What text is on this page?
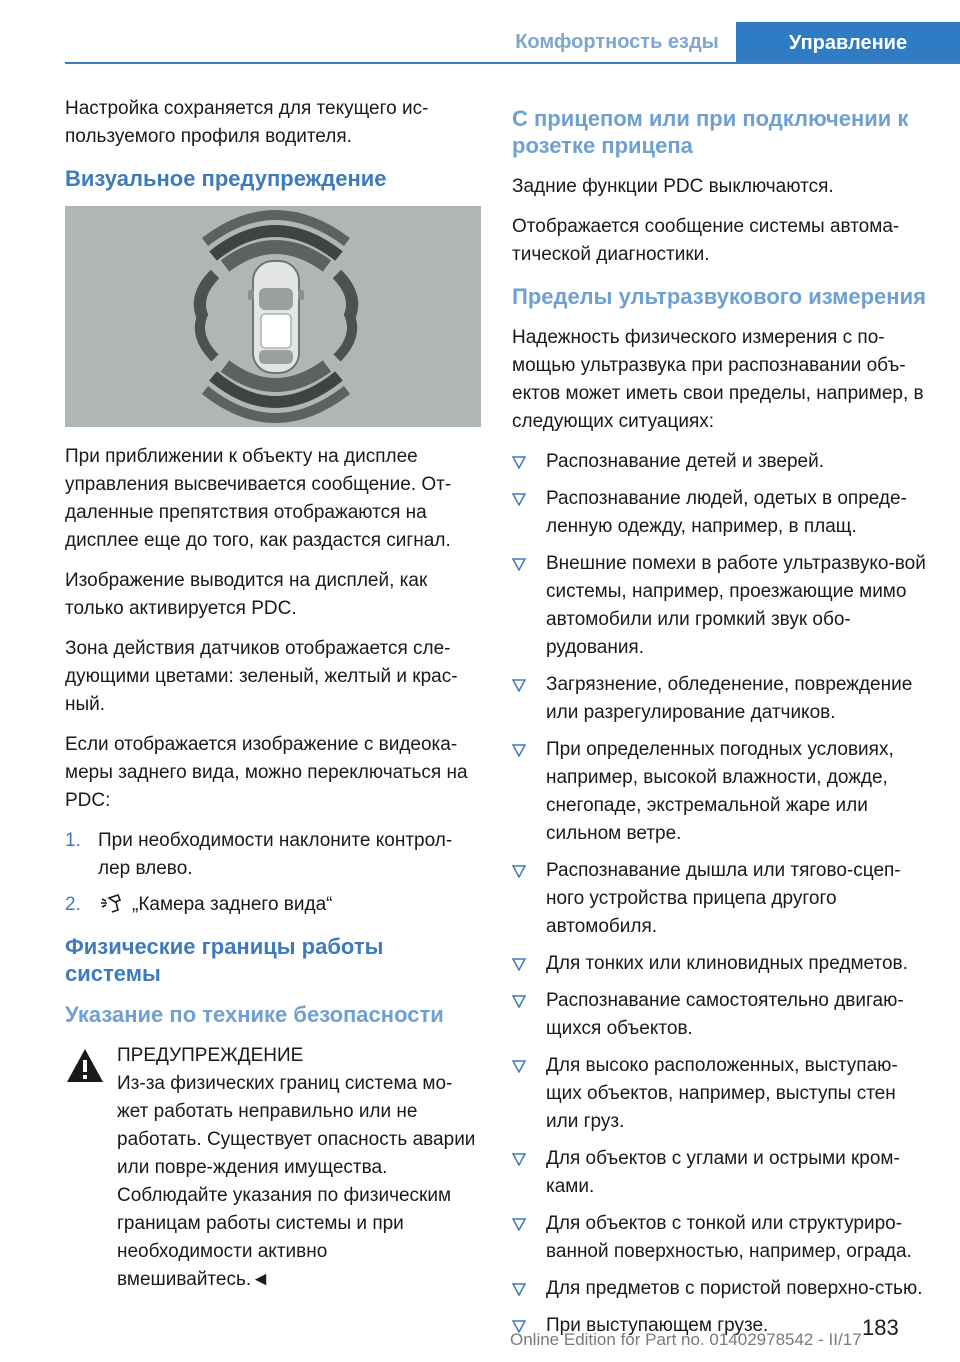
Комфортность езды	Управление

Настройка сохраняется для текущего ис-пользуемого профиля водителя.

Визуальное предупреждение

При приближении к объекту на дисплее управления высвечивается сообщение. От-даленные препятствия отображаются на дисплее еще до того, как раздастся сигнал.

Изображение выводится на дисплей, как только активируется PDC.

Зона действия датчиков отображается сле-дующими цветами: зеленый, желтый и крас-ный.

Если отображается изображение с видеока-меры заднего вида, можно переключаться на PDC:

1. При необходимости наклоните контрол-лер влево.
2.	„Камера заднего вида“
Физические границы работы системы
Указание по технике безопасности

ПРЕДУПРЕЖДЕНИЕ

Из-за физических границ система мо-жет работать неправильно или не работать. Существует опасность аварии или повре-ждения имущества. Соблюдайте указания по физическим границам работы системы и при необходимости активно вмешивайтесь.◄

С прицепом или при подключении к розетке прицепа

Задние функции PDC выключаются.

Отображается сообщение системы автома-тической диагностики.

Пределы ультразвукового измерения

Надежность физического измерения с по-мощью ультразвука при распознавании объ-ектов может иметь свои пределы, например, в следующих ситуациях:

Распознавание детей и зверей.
Распознавание людей, одетых в опреде-ленную одежду, например, в плащ.
Внешние помехи в работе ультразвуко-вой системы, например, проезжающие мимо автомобили или громкий звук обо-рудования.
Загрязнение, обледенение, повреждение или разрегулирование датчиков.
При определенных погодных условиях, например, высокой влажности, дожде, снегопаде, экстремальной жаре или сильном ветре.
Распознавание дышла или тягово-сцеп-ного устройства прицепа другого автомобиля.
Для тонких или клиновидных предметов.
Распознавание самостоятельно двигаю-щихся объектов.
Для высоко расположенных, выступаю-щих объектов, например, выступы стен или груз.
Для объектов с углами и острыми кром-ками.
Для объектов с тонкой или структуриро-ванной поверхностью, например, ограда.
Для предметов с пористой поверхно-стью.
При выступающем грузе.	183
Online Edition for Part no. 01402978542 - II/17
